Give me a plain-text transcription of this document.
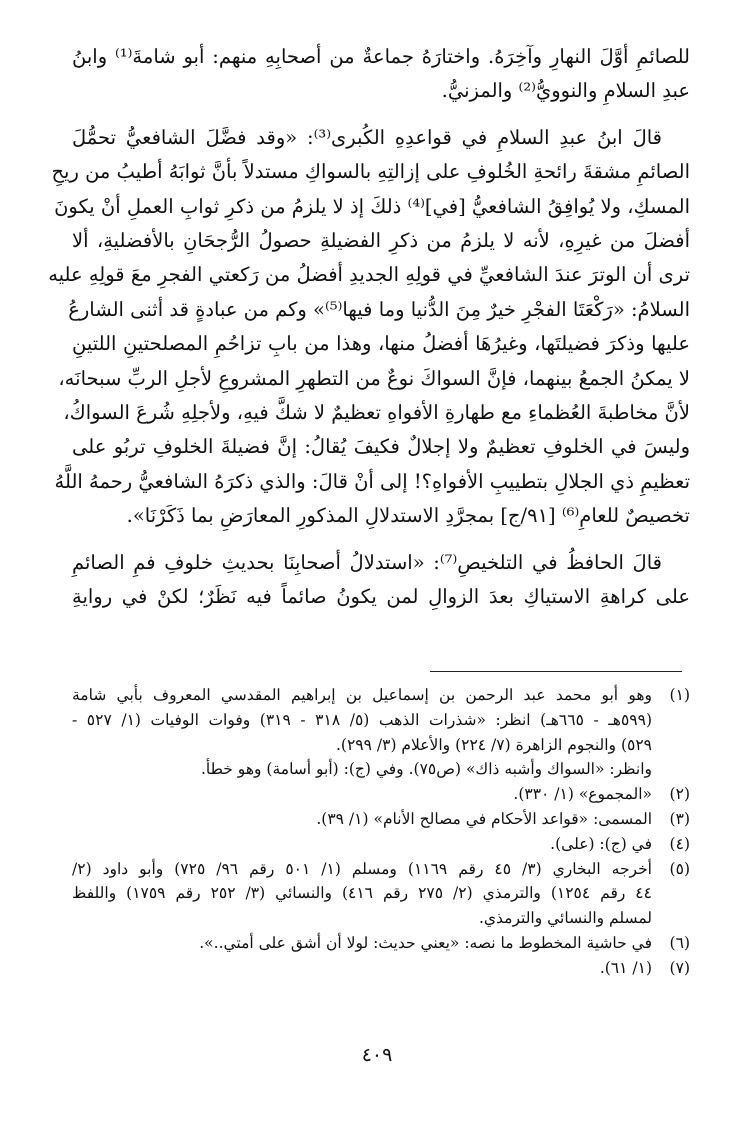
للصائمِ أوَّلَ النهارِ وآخِرَهُ. واختارَهُ جماعةٌ من أصحابِهِ منهم: أبو شامةَ⁽¹⁾ وابنُ
عبدِ السلامِ والنوويُّ⁽²⁾ والمزنيُّ.

قالَ ابنُ عبدِ السلامِ في قواعدِهِ الكُبرى⁽³⁾: «وقد فضَّلَ الشافعيُّ تحمُّلَ
الصائمِ مشقةَ رائحةِ الخُلوفِ على إزالتِهِ بالسواكِ مستدلاً بأنَّ ثوابَهُ أطيبُ من ريحِ
المسكِ، ولا يُوافِقُ الشافعيُّ [في]⁽⁴⁾ ذلكَ إذ لا يلزمُ من ذكرِ ثوابِ العملِ أنْ يكونَ
أفضلَ من غيرِهِ، لأنه لا يلزمُ من ذكرِ الفضيلةِ حصولُ الرُّجحَانِ بالأفضليةِ، ألا
ترى أن الوترَ عندَ الشافعيِّ في قولِهِ الجديدِ أفضلُ من رَكعتي الفجرِ معَ قولِهِ عليه
السلامُ: «رَكْعَتَا الفجْرِ خيرٌ مِنَ الدُّنيا وما فيها⁽⁵⁾» وكم من عبادةٍ قد أثنى الشارعُ
عليها وذكرَ فضيلتَها، وغيرُهَا أفضلُ منها، وهذا من بابِ تزاحُمِ المصلحتينِ اللتينِ
لا يمكنُ الجمعُ بينهما، فإنَّ السواكَ نوعٌ من التطهرِ المشروعِ لأجلِ الربِّ سبحانَه،
لأنَّ مخاطبةَ العُظماءِ مع طهارةِ الأفواهِ تعظيمٌ لا شكَّ فيهِ، ولأجلِهِ شُرعَ السواكُ،
وليسَ في الخلوفِ تعظيمٌ ولا إجلالٌ فكيفَ يُقالُ: إنَّ فضيلةَ الخلوفِ تربُو على
تعظيمِ ذي الجلالِ بتطييبِ الأفواهِ؟! إلى أنْ قالَ: والذي ذكرَهُ الشافعيُّ رحمهُ اللَّهُ
تخصيصٌ للعامِ⁽⁶⁾ [٩١/ج] بمجرَّدِ الاستدلالِ المذكورِ المعارَضِ بما ذَكَرْنَا».

قالَ الحافظُ في التلخيصِ⁽⁷⁾: «استدلالُ أصحابِنَا بحديثِ خلوفِ فمِ الصائمِ
على كراهةِ الاستياكِ بعدَ الزوالِ لمن يكونُ صائماً فيه نَظَرٌ؛ لكنْ في روايةِ

(١)
وهو أبو محمد عبد الرحمن بن إسماعيل بن إبراهيم المقدسي المعروف بأبي شامة
(٥٩٩هـ - ٦٦٥هـ) انظر: «شذرات الذهب (٥/ ٣١٨ - ٣١٩) وفوات الوفيات (١/ ٥٢٧ -
٥٢٩) والنجوم الزاهرة (٧/ ٢٢٤) والأعلام (٣/ ٢٩٩).
وانظر: «السواك وأشبه ذاك» (ص٧٥). وفي (ج): (أبو أسامة) وهو خطأ.
(٢)
«المجموع» (١/ ٣٣٠).
(٣)
المسمى: «قواعد الأحكام في مصالح الأنام» (١/ ٣٩).
(٤)
في (ج): (على).
(٥)
أخرجه البخاري (٣/ ٤٥ رقم ١١٦٩) ومسلم (١/ ٥٠١ رقم ٩٦/ ٧٢٥) وأبو داود (٢/
٤٤ رقم ١٢٥٤) والترمذي (٢/ ٢٧٥ رقم ٤١٦) والنسائي (٣/ ٢٥٢ رقم ١٧٥٩) واللفظ
لمسلم والنسائي والترمذي.
(٦)
في حاشية المخطوط ما نصه: «يعني حديث: لولا أن أشق على أمتي..».
(٧)
(١/ ٦١).
٤٠٩
